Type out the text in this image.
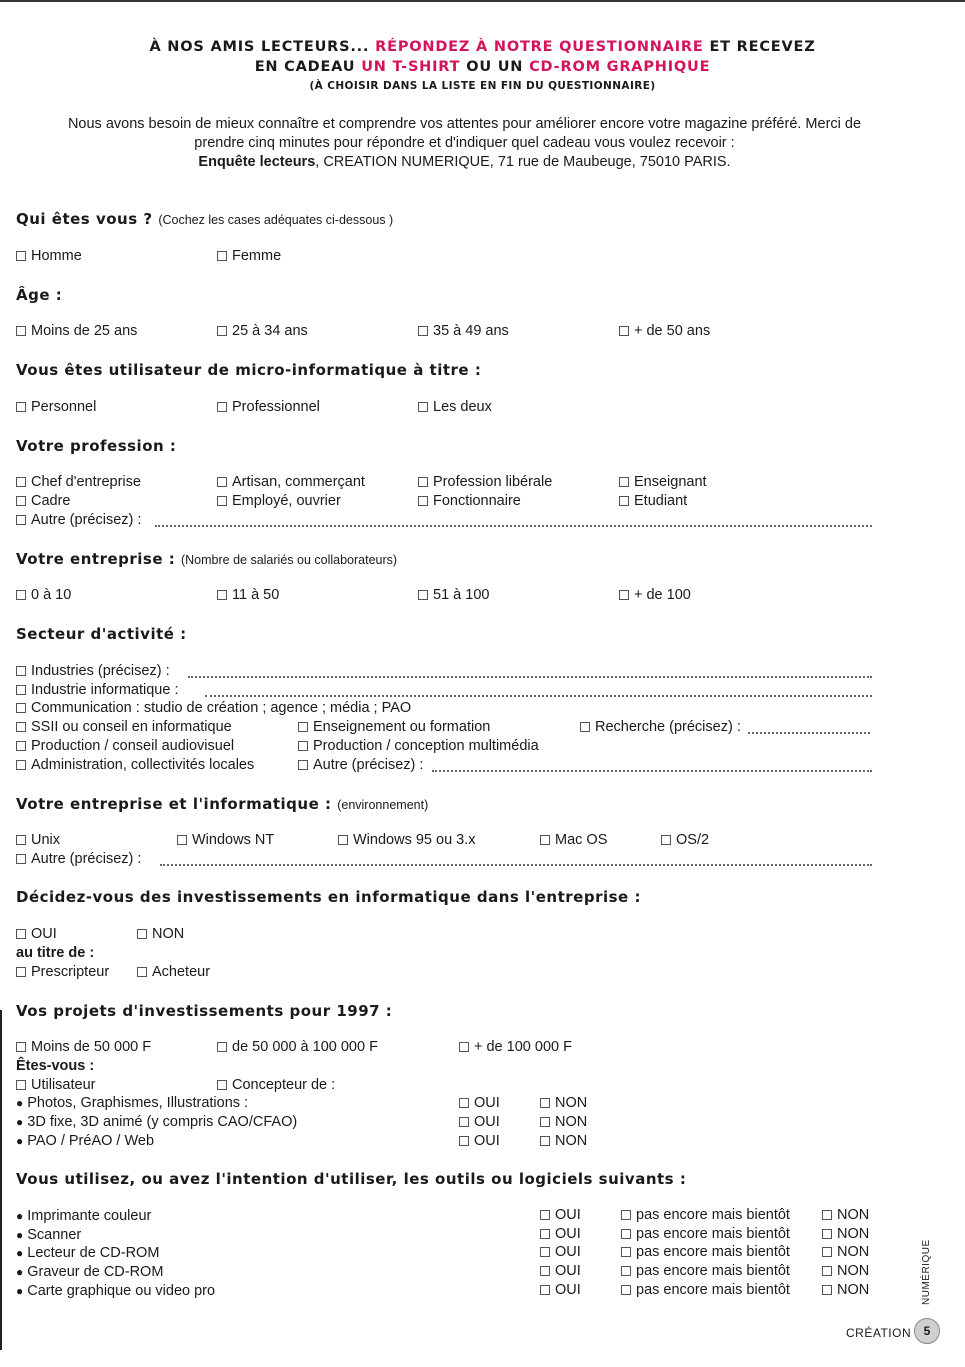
À NOS AMIS LECTEURS... RÉPONDEZ À NOTRE QUESTIONNAIRE ET RECEVEZ
EN CADEAU UN T-SHIRT OU UN CD-ROM GRAPHIQUE
(À CHOISIR DANS LA LISTE EN FIN DU QUESTIONNAIRE)
Nous avons besoin de mieux connaître et comprendre vos attentes pour améliorer encore votre magazine préféré. Merci de
prendre cinq minutes pour répondre et d'indiquer quel cadeau vous voulez recevoir :
Enquête lecteurs, CREATION NUMERIQUE, 71 rue de Maubeuge, 75010 PARIS.
Qui êtes vous ? (Cochez les cases adéquates ci-dessous )
Homme	Femme
Âge :
Moins de 25 ans	25 à 34 ans	35 à 49 ans	+ de 50 ans
Vous êtes utilisateur de micro-informatique à titre :
Personnel	Professionnel	Les deux
Votre profession :
Chef d'entreprise	Artisan, commerçant	Profession libérale	Enseignant
Cadre	Employé, ouvrier	Fonctionnaire	Etudiant
Autre (précisez) :
Votre entreprise : (Nombre de salariés ou collaborateurs)
0 à 10	11 à 50	51 à 100	+ de 100
Secteur d'activité :
Industries (précisez) :
Industrie informatique :
Communication : studio de création ; agence ; média ; PAO
SSII ou conseil en informatique	Enseignement ou formation	Recherche (précisez) :
Production / conseil audiovisuel	Production / conception multimédia
Administration, collectivités locales	Autre (précisez) :
Votre entreprise et l'informatique : (environnement)
Unix	Windows NT	Windows 95 ou 3.x	Mac OS	OS/2
Autre (précisez) :
Décidez-vous des investissements en informatique dans l'entreprise :
OUI	NON
au titre de :
Prescripteur	Acheteur
Vos projets d'investissements pour 1997 :
Moins de 50 000 F	de 50 000 à 100 000 F	+ de 100 000 F
Êtes-vous :
Utilisateur	Concepteur de :
● Photos, Graphismes, Illustrations :	OUI	NON
● 3D fixe, 3D animé (y compris CAO/CFAO)	OUI	NON
● PAO / PréAO / Web	OUI	NON
Vous utilisez, ou avez l'intention d'utiliser, les outils ou logiciels suivants :
● Imprimante couleur	OUI	pas encore mais bientôt	NON
● Scanner	OUI	pas encore mais bientôt	NON
● Lecteur de CD-ROM	OUI	pas encore mais bientôt	NON
● Graveur de CD-ROM	OUI	pas encore mais bientôt	NON
● Carte graphique ou video pro	OUI	pas encore mais bientôt	NON
CRÉATION
NUMÉRIQUE
5
